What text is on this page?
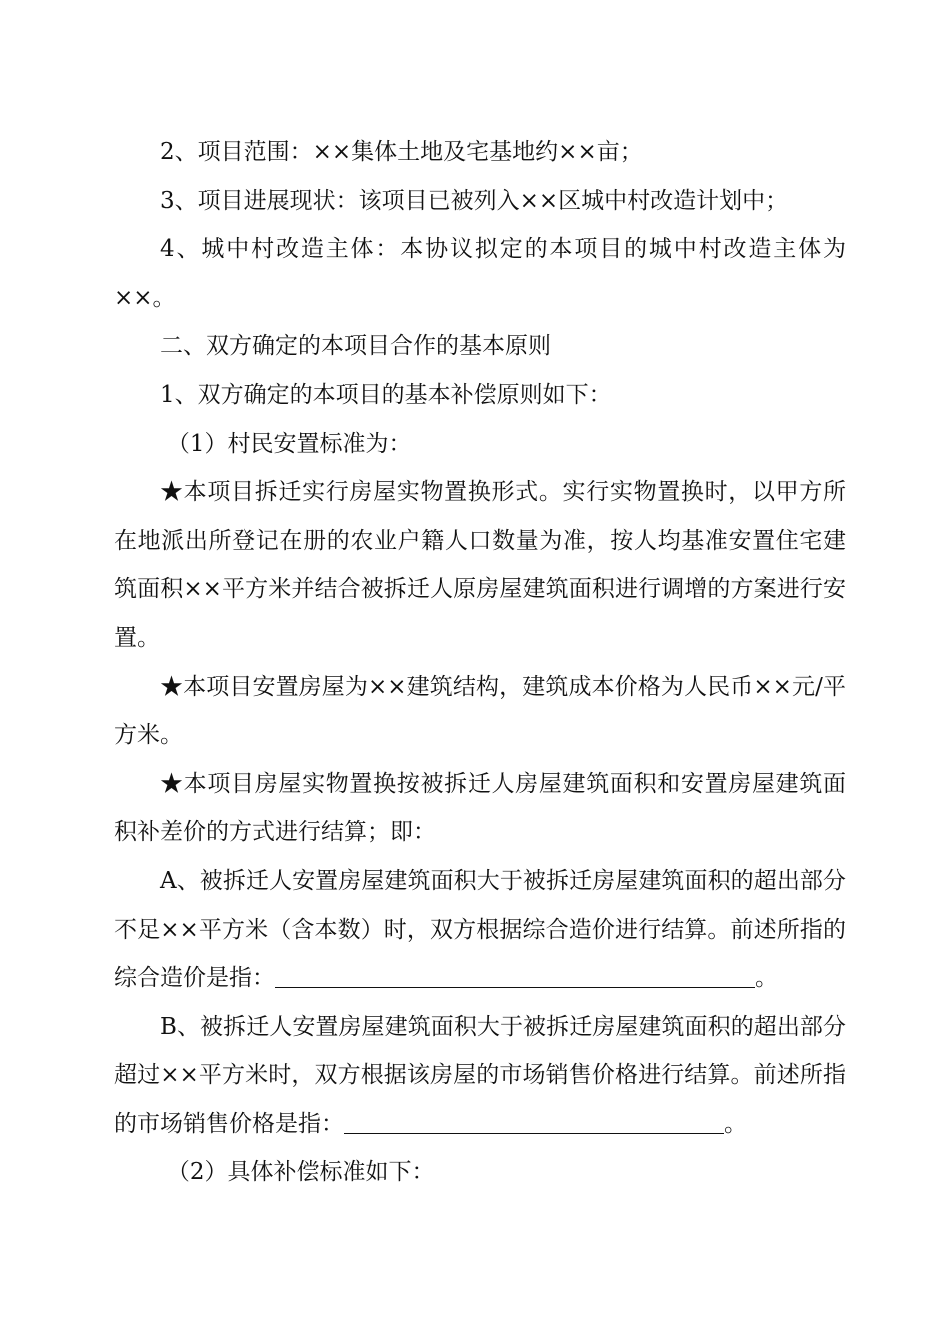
2、项目范围：××集体土地及宅基地约××亩；

3、项目进展现状：该项目已被列入××区城中村改造计划中；

4、城中村改造主体：本协议拟定的本项目的城中村改造主体为××。

二、双方确定的本项目合作的基本原则

1、双方确定的本项目的基本补偿原则如下：

（1）村民安置标准为：

★本项目拆迁实行房屋实物置换形式。实行实物置换时，以甲方所在地派出所登记在册的农业户籍人口数量为准，按人均基准安置住宅建筑面积××平方米并结合被拆迁人原房屋建筑面积进行调增的方案进行安置。

★本项目安置房屋为××建筑结构，建筑成本价格为人民币××元/平方米。

★本项目房屋实物置换按被拆迁人房屋建筑面积和安置房屋建筑面积补差价的方式进行结算；即：

A、被拆迁人安置房屋建筑面积大于被拆迁房屋建筑面积的超出部分不足××平方米（含本数）时，双方根据综合造价进行结算。前述所指的综合造价是指：	。

B、被拆迁人安置房屋建筑面积大于被拆迁房屋建筑面积的超出部分超过××平方米时，双方根据该房屋的市场销售价格进行结算。前述所指的市场销售价格是指：	。

（2）具体补偿标准如下：
